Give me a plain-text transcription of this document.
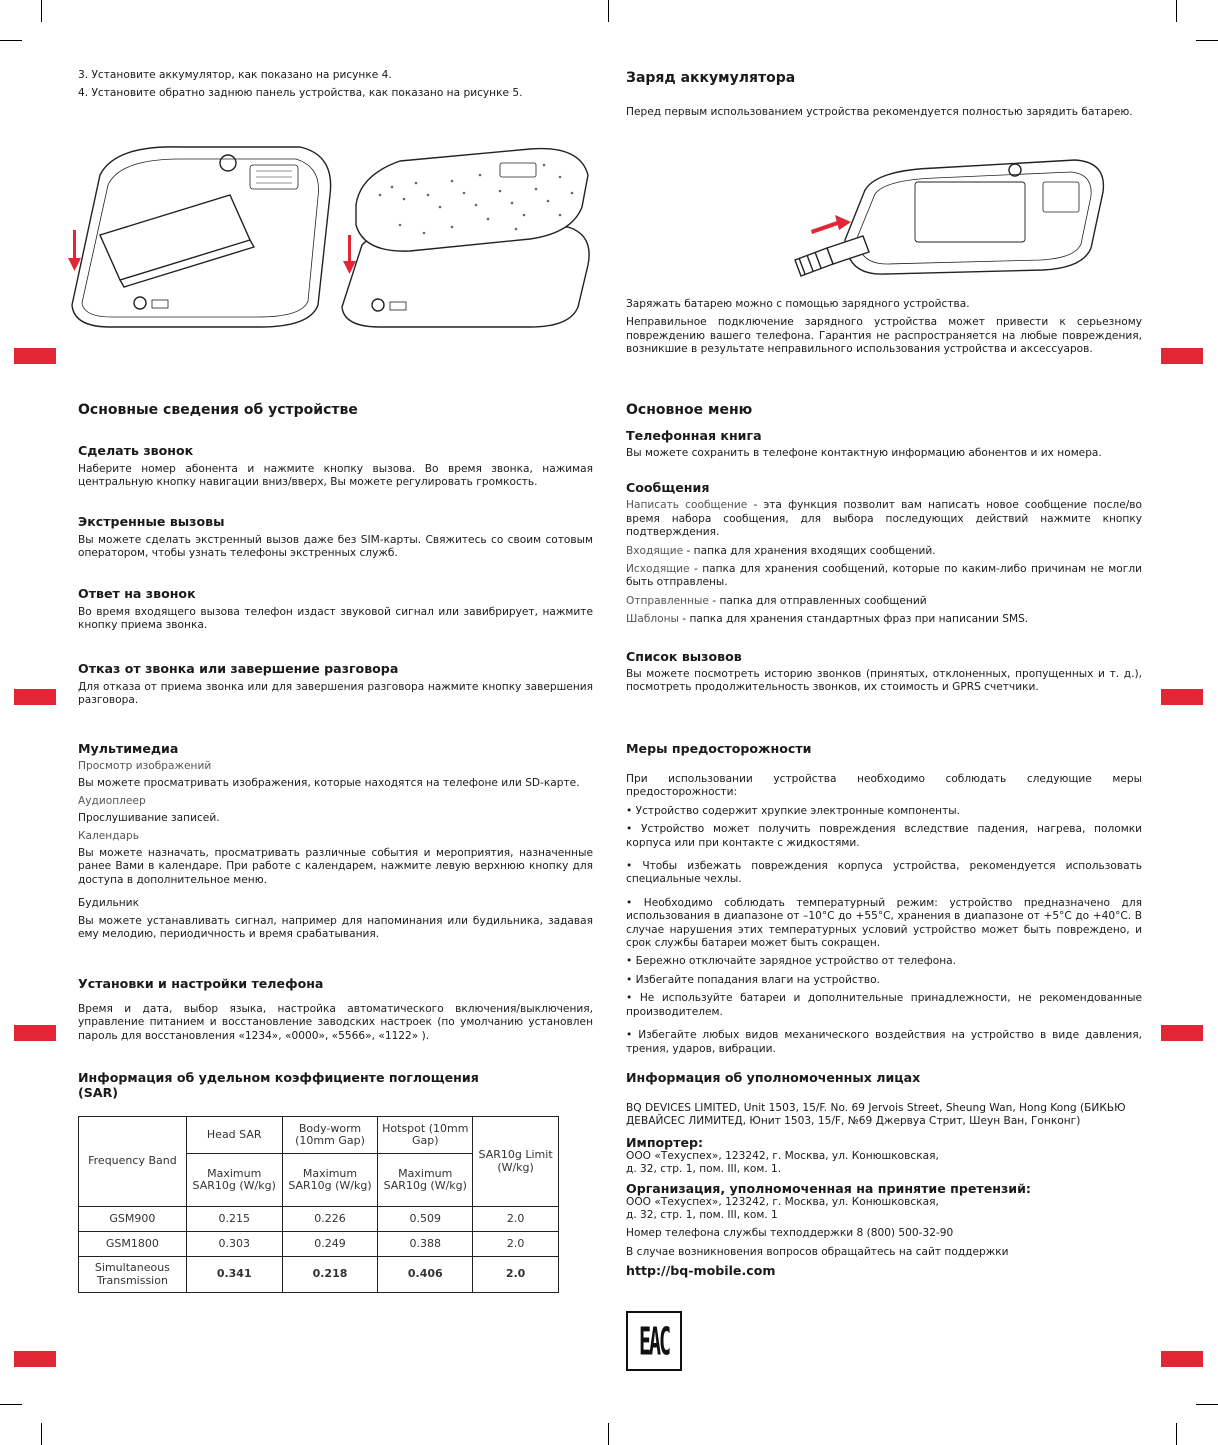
3. Установите аккумулятор, как показано на рисунке 4.

4. Установите обратно заднюю панель устройства, как показано на рисунке 5.

Основные сведения об устройстве

Сделать звонок

Наберите номер абонента и нажмите кнопку вызова. Во время звонка, нажимая центральную кнопку навигации вниз/вверх, Вы можете регулировать громкость.

Экстренные вызовы

Вы можете сделать экстренный вызов даже без SIM-карты. Свяжитесь со своим сотовым оператором, чтобы узнать телефоны экстренных служб.

Ответ на звонок

Во время входящего вызова телефон издаст звуковой сигнал или завибрирует, нажмите кнопку приема звонка.

Отказ от звонка или завершение разговора

Для отказа от приема звонка или для завершения разговора нажмите кнопку завершения разговора.

Мультимедиа

Просмотр изображений

Вы можете просматривать изображения, которые находятся на телефоне или SD-карте.

Аудиоплеер

Прослушивание записей.

Календарь

Вы можете назначать, просматривать различные события и мероприятия, назначенные ранее Вами в календаре. При работе с календарем, нажмите левую верхнюю кнопку для доступа в дополнительное меню.

Будильник

Вы можете устанавливать сигнал, например для напоминания или будильника, задавая ему мелодию, периодичность и время срабатывания.

Установки и настройки телефона

Время и дата, выбор языка, настройка автоматического включения/выключения, управление питанием и восстановление заводских настроек (по умолчанию установлен пароль для восстановления «1234», «0000», «5566», «1122» ).

Информация об удельном коэффициенте поглощения

(SAR)

Frequency Band	Head SAR	Body-worm (10mm Gap)	Hotspot (10mm Gap)	SAR10g Limit (W/kg)
	Maximum SAR10g (W/kg)	Maximum SAR10g (W/kg)	Maximum SAR10g (W/kg)	
GSM900	0.215	0.226	0.509	2.0
GSM1800	0.303	0.249	0.388	2.0
Simultaneous Transmission	0.341	0.218	0.406	2.0

Заряд аккумулятора

Перед первым использованием устройства рекомендуется полностью зарядить батарею.

Заряжать батарею можно с помощью зарядного устройства.

Неправильное подключение зарядного устройства может привести к серьезному повреждению вашего телефона. Гарантия не распространяется на любые повреждения, возникшие в результате неправильного использования устройства и аксессуаров.

Основное меню

Телефонная книга

Вы можете сохранить в телефоне контактную информацию абонентов и их номера.

Сообщения

Написать сообщение - эта функция позволит вам написать новое сообщение после/во время набора сообщения, для выбора последующих действий нажмите кнопку подтверждения.

Входящие - папка для хранения входящих сообщений.

Исходящие - папка для хранения сообщений, которые по каким-либо причинам не могли быть отправлены.

Отправленные - папка для отправленных сообщений

Шаблоны - папка для хранения стандартных фраз при написании SMS.

Список вызовов

Вы можете посмотреть историю звонков (принятых, отклоненных, пропущенных и т. д.), посмотреть продолжительность звонков, их стоимость и GPRS счетчики.

Меры предосторожности

При использовании устройства необходимо соблюдать следующие меры предосторожности:

• Устройство содержит хрупкие электронные компоненты.

• Устройство может получить повреждения вследствие падения, нагрева, поломки корпуса или при контакте с жидкостями.

• Чтобы избежать повреждения корпуса устройства, рекомендуется использовать специальные чехлы.

• Необходимо соблюдать температурный режим: устройство предназначено для использования в диапазоне от –10°C до +55°C, хранения в диапазоне от +5°C до +40°C. В случае нарушения этих температурных условий устройство может быть повреждено, и срок службы батареи может быть сокращен.

• Бережно отключайте зарядное устройство от телефона.

• Избегайте попадания влаги на устройство.

• Не используйте батареи и дополнительные принадлежности, не рекомендованные производителем.

• Избегайте любых видов механического воздействия на устройство в виде давления, трения, ударов, вибрации.

Информация об уполномоченных лицах

BQ DEVICES LIMITED, Unit 1503, 15/F. No. 69 Jervois Street, Sheung Wan, Hong Kong (БИКЬЮ ДЕВАЙСЕС ЛИМИТЕД, Юнит 1503, 15/F, №69 Джервуа Стрит, Шеун Ван, Гонконг)

Импортер:

ООО «Техуспех», 123242, г. Москва, ул. Конюшковская,

д. 32, стр. 1, пом. III, ком. 1.

Организация, уполномоченная на принятие претензий:

ООО «Техуспех», 123242, г. Москва, ул. Конюшковская,

д. 32, стр. 1, пом. III, ком. 1

Номер телефона службы техподдержки 8 (800) 500-32-90

В случае возникновения вопросов обращайтесь на сайт поддержки

http://bq-mobile.com

EAC
